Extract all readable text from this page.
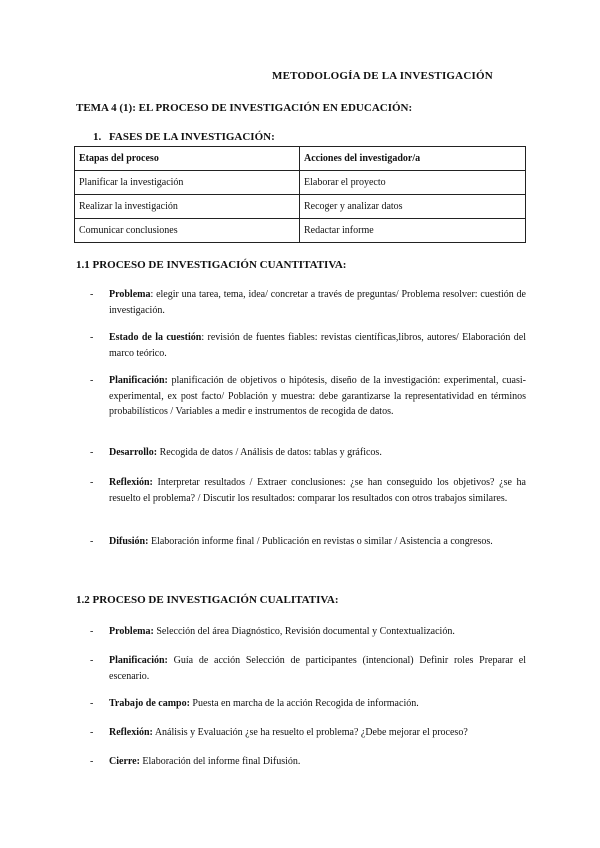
METODOLOGÍA DE LA INVESTIGACIÓN
TEMA 4 (1): EL PROCESO DE INVESTIGACIÓN EN EDUCACIÓN:
1. FASES DE LA INVESTIGACIÓN:
Etapas del proceso	Acciones del investigador/a
Planificar la investigación	Elaborar el proyecto
Realizar la investigación	Recoger y analizar datos
Comunicar conclusiones	Redactar informe
1.1 PROCESO DE INVESTIGACIÓN CUANTITATIVA:
- Problema: elegir una tarea, tema, idea/ concretar a través de preguntas/ Problema resolver: cuestión de investigación.
- Estado de la cuestión: revisión de fuentes fiables: revistas científicas,libros, autores/ Elaboración del marco teórico.
- Planificación: planificación de objetivos o hipótesis, diseño de la investigación: experimental, cuasi-experimental, ex post facto/ Población y muestra: debe garantizarse la representatividad en términos probabilísticos / Variables a medir e instrumentos de recogida de datos.
- Desarrollo: Recogida de datos / Análisis de datos: tablas y gráficos.
- Reflexión: Interpretar resultados / Extraer conclusiones: ¿se han conseguido los objetivos? ¿se ha resuelto el problema? / Discutir los resultados: comparar los resultados con otros trabajos similares.
- Difusión: Elaboración informe final / Publicación en revistas o similar / Asistencia a congresos.
1.2 PROCESO DE INVESTIGACIÓN CUALITATIVA:
- Problema: Selección del área Diagnóstico, Revisión documental y Contextualización.
- Planificación: Guía de acción Selección de participantes (intencional) Definir roles Preparar el escenario.
- Trabajo de campo: Puesta en marcha de la acción Recogida de información.
- Reflexión: Análisis y Evaluación ¿se ha resuelto el problema? ¿Debe mejorar el proceso?
- Cierre: Elaboración del informe final Difusión.
